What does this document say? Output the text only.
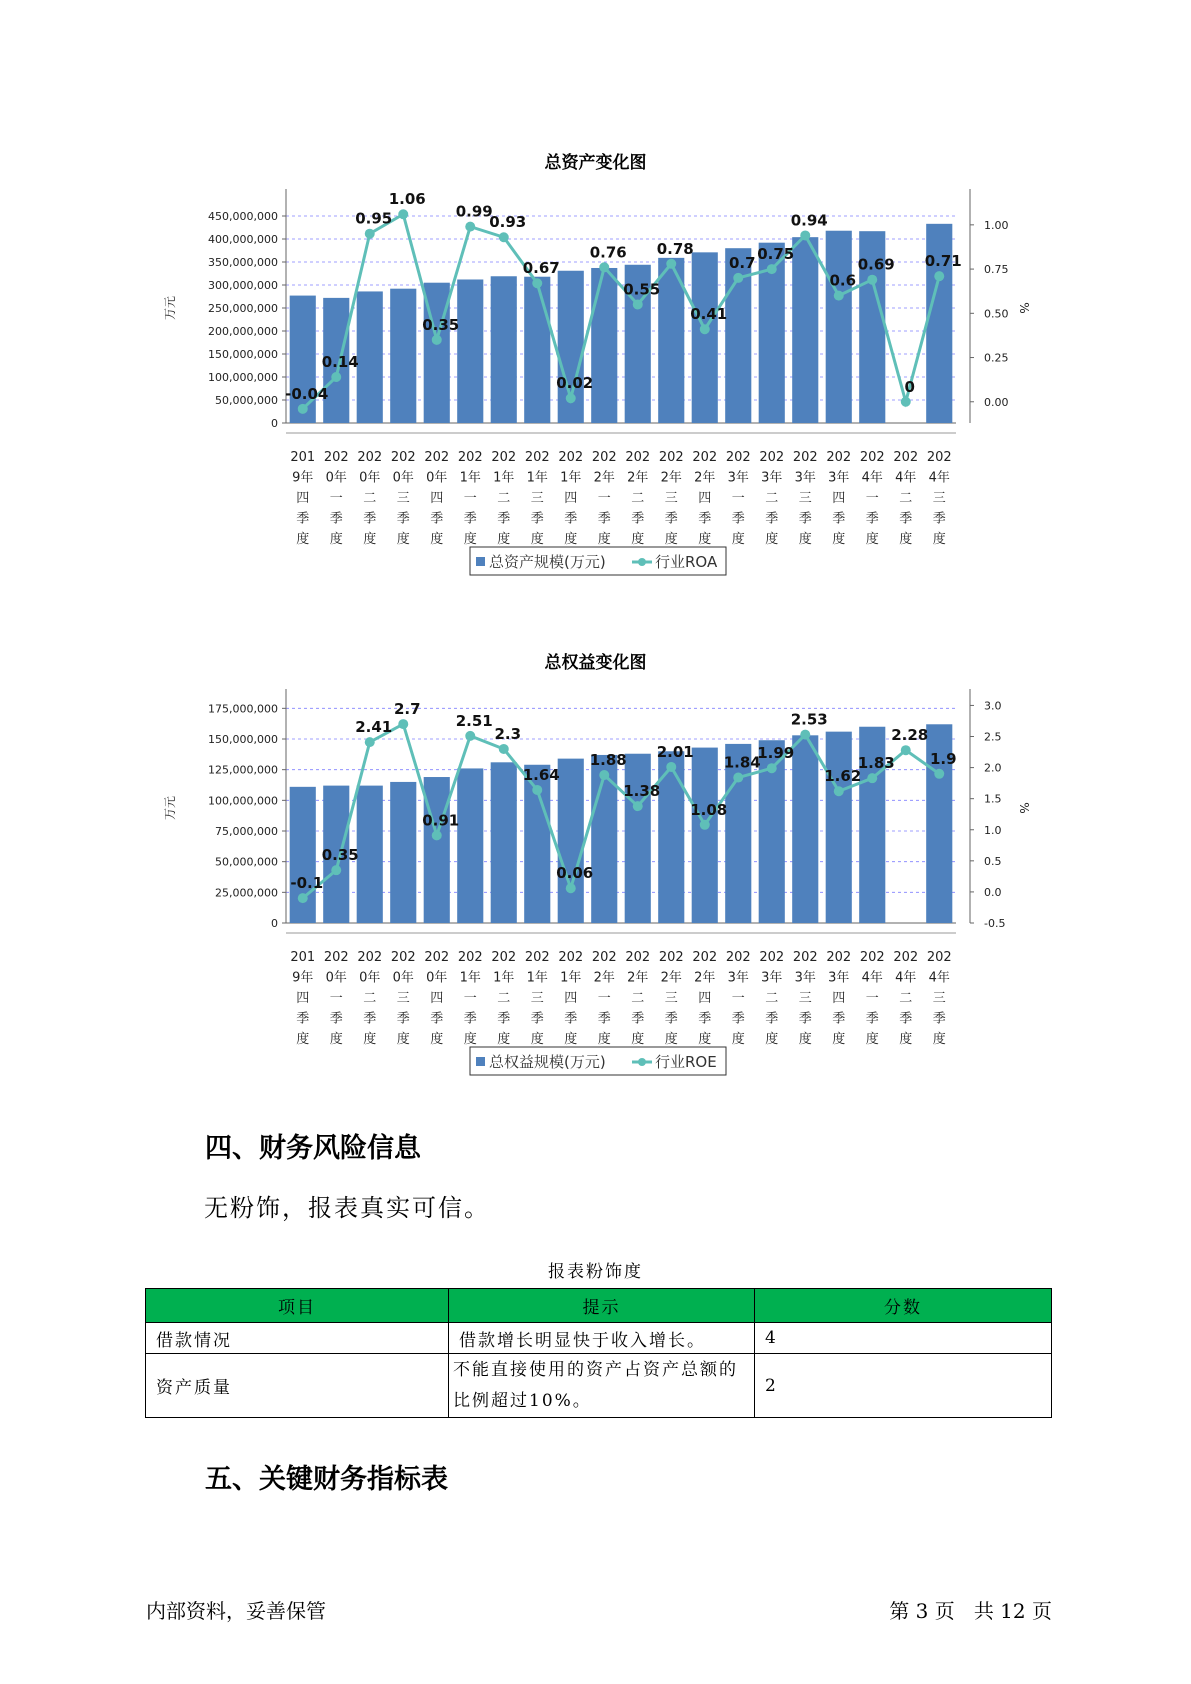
总资产变化图
0
50,000,000
100,000,000
150,000,000
200,000,000
250,000,000
300,000,000
350,000,000
400,000,000
450,000,000
0.00
0.25
0.50
0.75
1.00
万元	%
-0.04
0.14
0.95
1.06
0.35
0.99
0.93
0.67
0.02
0.76
0.55
0.78
0.41
0.7 0.75
0.94
0.6
0.69
0
0.71
201 9年四季度
202 0年一季度
202 0年二季度
202 0年三季度
202 0年四季度
202 1年一季度
202 1年二季度
202 1年三季度
202 1年四季度
202 2年一季度
202 2年二季度
202 2年三季度
202 2年四季度
202 3年一季度
202 3年二季度
202 3年三季度
202 3年四季度
202 4年一季度
202 4年二季度
202 4年三季度
总资产规模(万元)	行业ROA
总权益变化图
0
25,000,000
50,000,000
75,000,000
100,000,000
125,000,000
150,000,000
175,000,000
-0.5
0.0
0.5
1.0
1.5
2.0
2.5
3.0
万元	%
-0.1
0.35
2.41
2.7
0.91
2.51
2.3
1.64
0.06
1.88
1.38
2.01
1.08
1.84
1.99
2.53
1.62
1.83
2.28
1.9
201 9年四季度
202 0年一季度
202 0年二季度
202 0年三季度
202 0年四季度
202 1年一季度
202 1年二季度
202 1年三季度
202 1年四季度
202 2年一季度
202 2年二季度
202 2年三季度
202 2年四季度
202 3年一季度
202 3年二季度
202 3年三季度
202 3年四季度
202 4年一季度
202 4年二季度
202 4年三季度
总权益规模(万元)	行业ROE
四、财务风险信息
无粉饰，报表真实可信。
报表粉饰度
项目	提示	分数
借款情况	借款增长明显快于收入增长。	4
资产质量	不能直接使用的资产占资产总额的比例超过10%。	2
五、关键财务指标表
内部资料，妥善保管	第 3 页   共 12 页
